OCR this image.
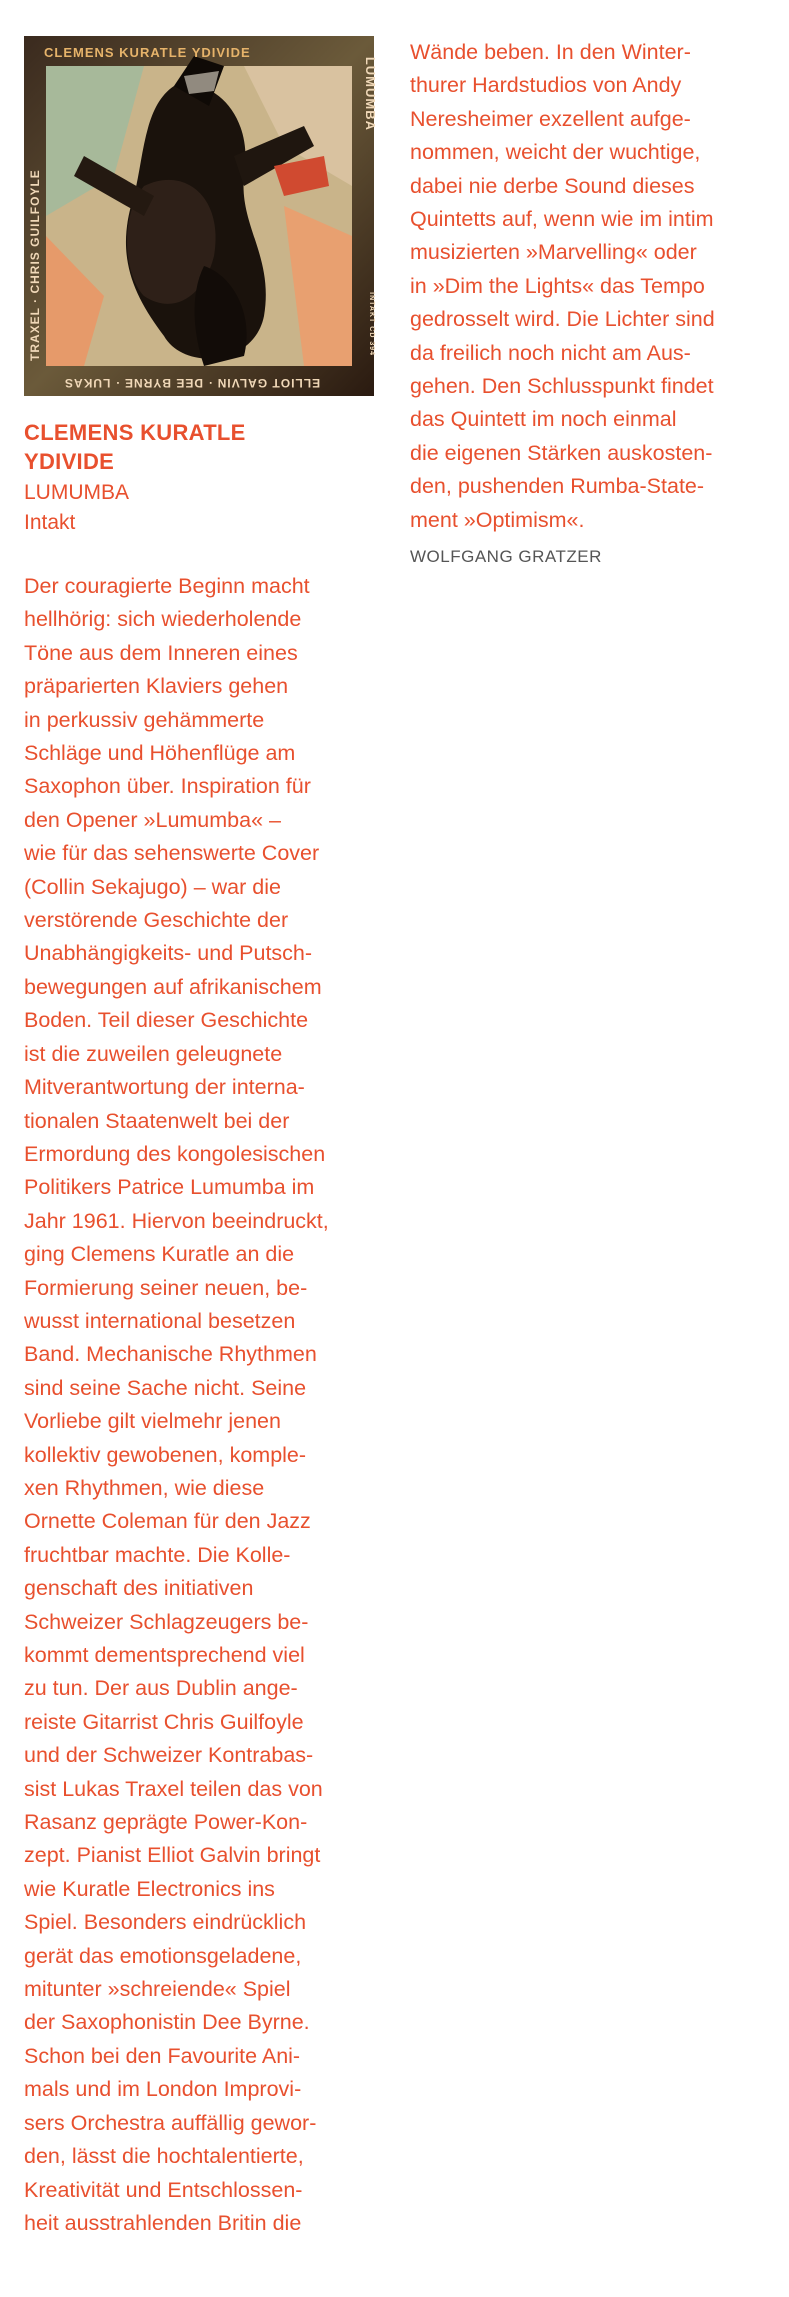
CLEMENS KURATLE YDIVIDE
LUMUMBA
TRAXEL · CHRIS GUILFOYLE
ELLIOT GALVIN · DEE BYRNE · LUKAS
INTAKT CD 394
CLEMENS KURATLE
YDIVIDE
LUMUMBA
Intakt
Der couragierte Beginn macht
hellhörig: sich wiederholende
Töne aus dem Inneren eines
präparierten Klaviers gehen
in perkussiv gehämmerte
Schläge und Höhenflüge am
Saxophon über. Inspiration für
den Opener »Lumumba« –
wie für das sehenswerte Cover
(Collin Sekajugo) – war die
verstörende Geschichte der
Unabhängigkeits- und Putsch-
bewegungen auf afrikanischem
Boden. Teil dieser Geschichte
ist die zuweilen geleugnete
Mitverantwortung der interna-
tionalen Staatenwelt bei der
Ermordung des kongolesischen
Politikers Patrice Lumumba im
Jahr 1961. Hiervon beeindruckt,
ging Clemens Kuratle an die
Formierung seiner neuen, be-
wusst international besetzen
Band. Mechanische Rhythmen
sind seine Sache nicht. Seine
Vorliebe gilt vielmehr jenen
kollektiv gewobenen, komple-
xen Rhythmen, wie diese
Ornette Coleman für den Jazz
fruchtbar machte. Die Kolle-
genschaft des initiativen
Schweizer Schlagzeugers be-
kommt dementsprechend viel
zu tun. Der aus Dublin ange-
reiste Gitarrist Chris Guilfoyle
und der Schweizer Kontrabas-
sist Lukas Traxel teilen das von
Rasanz geprägte Power-Kon-
zept. Pianist Elliot Galvin bringt
wie Kuratle Electronics ins
Spiel. Besonders eindrücklich
gerät das emotionsgeladene,
mitunter »schreiende« Spiel
der Saxophonistin Dee Byrne.
Schon bei den Favourite Ani-
mals und im London Improvi-
sers Orchestra auffällig gewor-
den, lässt die hochtalentierte,
Kreativität und Entschlossen-
heit ausstrahlenden Britin die
Wände beben. In den Winter-
thurer Hardstudios von Andy
Neresheimer exzellent aufge-
nommen, weicht der wuchtige,
dabei nie derbe Sound dieses
Quintetts auf, wenn wie im intim
musizierten »Marvelling« oder
in »Dim the Lights« das Tempo
gedrosselt wird. Die Lichter sind
da freilich noch nicht am Aus-
gehen. Den Schlusspunkt findet
das Quintett im noch einmal
die eigenen Stärken auskosten-
den, pushenden Rumba-State-
ment »Optimism«.
WOLFGANG GRATZER
